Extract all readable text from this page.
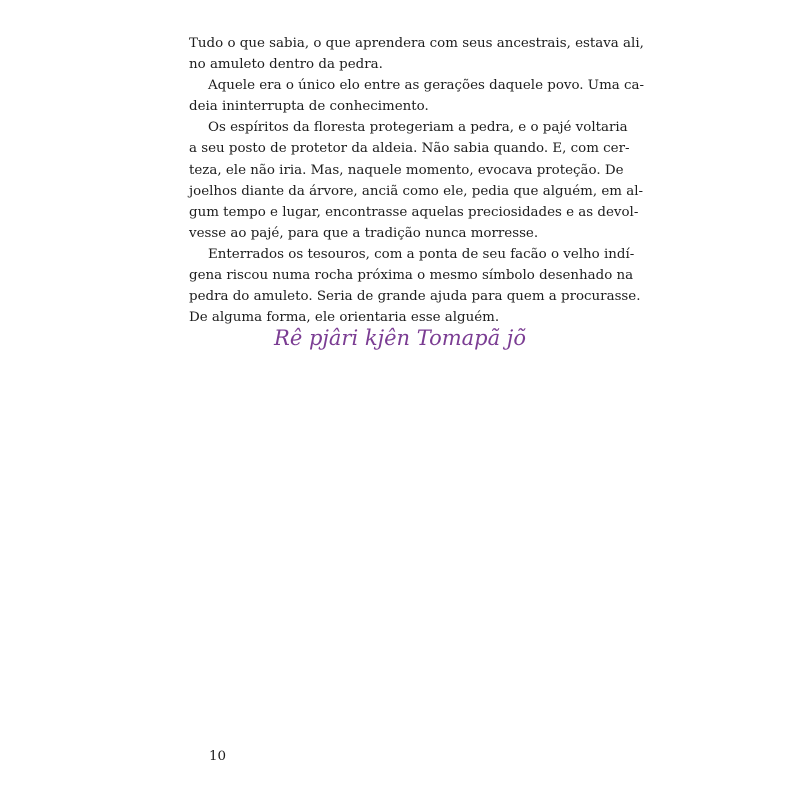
Tudo o que sabia, o que aprendera com seus ancestrais, estava ali,
no amuleto dentro da pedra.
Aquele era o único elo entre as gerações daquele povo. Uma ca-
deia ininterrupta de conhecimento.
Os espíritos da floresta protegeriam a pedra, e o pajé voltaria
a seu posto de protetor da aldeia. Não sabia quando. E, com cer-
teza, ele não iria. Mas, naquele momento, evocava proteção. De
joelhos diante da árvore, anciã como ele, pedia que alguém, em al-
gum tempo e lugar, encontrasse aquelas preciosidades e as devol-
vesse ao pajé, para que a tradição nunca morresse.
Enterrados os tesouros, com a ponta de seu facão o velho indí-
gena riscou numa rocha próxima o mesmo símbolo desenhado na
pedra do amuleto. Seria de grande ajuda para quem a procurasse.
De alguma forma, ele orientaria esse alguém.
Rê pjâri kjên Tomapã jõ
10
